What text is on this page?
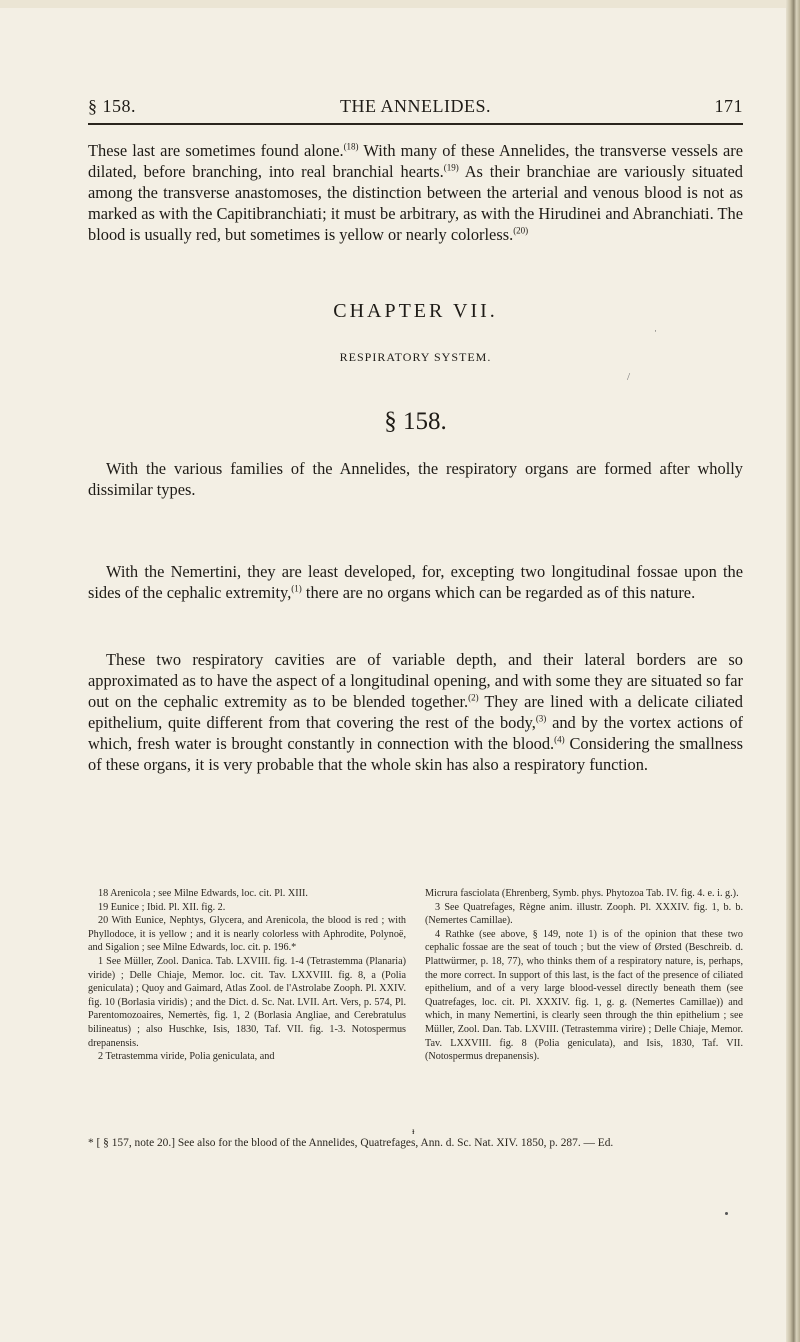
§ 158.	THE ANNELIDES.	171
These last are sometimes found alone.$^{(18)}$ With many of these Annelides, the transverse vessels are dilated, before branching, into real branchial hearts.$^{(19)}$ As their branchiae are variously situated among the transverse anastomoses, the distinction between the arterial and venous blood is not as marked as with the Capitibranchiati; it must be arbitrary, as with the Hirudinei and Abranchiati. The blood is usually red, but sometimes is yellow or nearly colorless.$^{(20)}$
CHAPTER VII.
·
RESPIRATORY SYSTEM.
/
§ 158.
With the various families of the Annelides, the respiratory organs are formed after wholly dissimilar types.
With the Nemertini, they are least developed, for, excepting two longitudinal fossae upon the sides of the cephalic extremity,$^{(1)}$ there are no organs which can be regarded as of this nature.
These two respiratory cavities are of variable depth, and their lateral borders are so approximated as to have the aspect of a longitudinal opening, and with some they are situated so far out on the cephalic extremity as to be blended together.$^{(2)}$ They are lined with a delicate ciliated epithelium, quite different from that covering the rest of the body,$^{(3)}$ and by the vortex actions of which, fresh water is brought constantly in connection with the blood.$^{(4)}$ Considering the smallness of these organs, it is very probable that the whole skin has also a respiratory function.

18 Arenicola ; see Milne Edwards, loc. cit. Pl. XIII.

19 Eunice ; Ibid. Pl. XII. fig. 2.

20 With Eunice, Nephtys, Glycera, and Arenicola, the blood is red ; with Phyllodoce, it is yellow ; and it is nearly colorless with Aphrodite, Polynoë, and Sigalion ; see Milne Edwards, loc. cit. p. 196.*

1 See Müller, Zool. Danica. Tab. LXVIII. fig. 1-4 (Tetrastemma (Planaria) viride) ; Delle Chiaje, Memor. loc. cit. Tav. LXXVIII. fig. 8, a (Polia geniculata) ; Quoy and Gaimard, Atlas Zool. de l'Astrolabe Zooph. Pl. XXIV. fig. 10 (Borlasia viridis) ; and the Dict. d. Sc. Nat. LVII. Art. Vers, p. 574, Pl. Parentomozoaires, Nemertès, fig. 1, 2 (Borlasia Angliae, and Cerebratulus bilineatus) ; also Huschke, Isis, 1830, Taf. VII. fig. 1-3. Notospermus drepanensis.

2 Tetrastemma viride, Polia geniculata, and

Micrura fasciolata (Ehrenberg, Symb. phys. Phytozoa Tab. IV. fig. 4. e. i. g.).

3 See Quatrefages, Règne anim. illustr. Zooph. Pl. XXXIV. fig. 1, b. b. (Nemertes Camillae).

4 Rathke (see above, § 149, note 1) is of the opinion that these two cephalic fossae are the seat of touch ; but the view of Ørsted (Beschreib. d. Plattwürmer, p. 18, 77), who thinks them of a respiratory nature, is, perhaps, the more correct. In support of this last, is the fact of the presence of ciliated epithelium, and of a very large blood-vessel directly beneath them (see Quatrefages, loc. cit. Pl. XXXIV. fig. 1, g. g. (Nemertes Camillae)) and which, in many Nemertini, is clearly seen through the thin epithelium ; see Müller, Zool. Dan. Tab. LXVIII. (Tetrastemma virire) ; Delle Chiaje, Memor. Tav. LXXVIII. fig. 8 (Polia geniculata), and Isis, 1830, Taf. VII. (Notospermus drepanensis).

ᵻ
* [ § 157, note 20.] See also for the blood of the Annelides, Quatrefages, Ann. d. Sc. Nat. XIV. 1850, p. 287. — Ed.
